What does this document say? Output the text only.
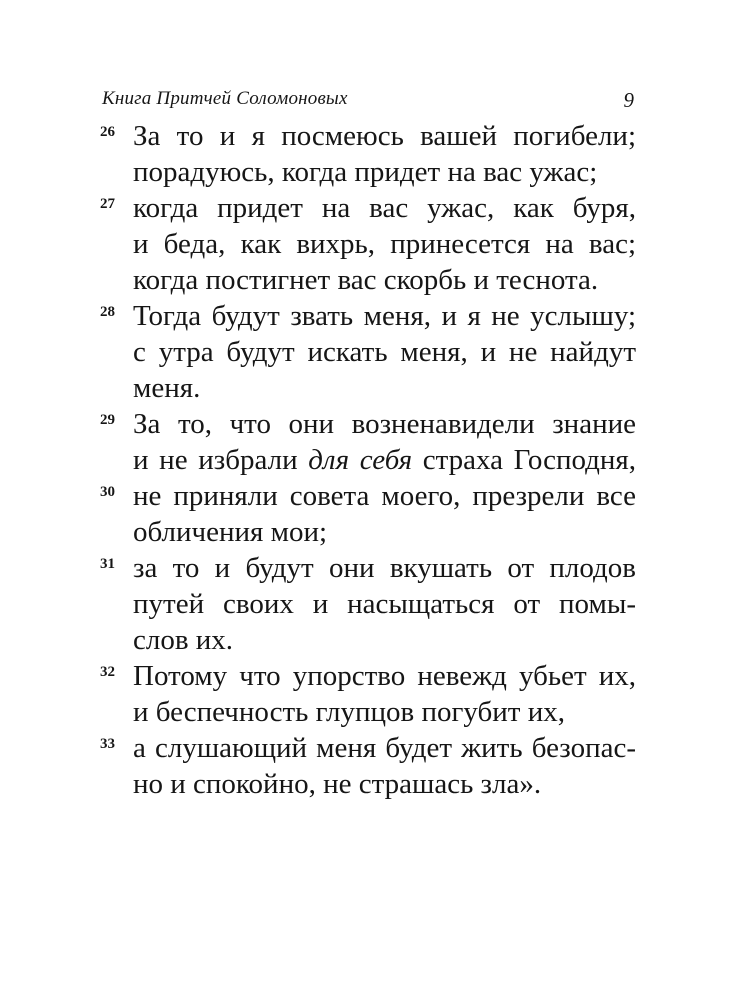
Книга Притчей Соломоновых	9
26 За то и я посмеюсь вашей погибели;
порадуюсь, когда придет на вас ужас;
27 когда придет на вас ужас, как буря,
и беда, как вихрь, принесется на вас;
когда постигнет вас скорбь и теснота.
28 Тогда будут звать меня, и я не услышу;
с утра будут искать меня, и не найдут
меня.
29 За то, что они возненавидели знание
и не избрали для себя страха Господня,
30 не приняли совета моего, презрели все
обличения мои;
31 за то и будут они вкушать от плодов
путей своих и насыщаться от помы-
слов их.
32 Потому что упорство невежд убьет их,
и беспечность глупцов погубит их,
33 а слушающий меня будет жить безопас-
но и спокойно, не страшась зла».
